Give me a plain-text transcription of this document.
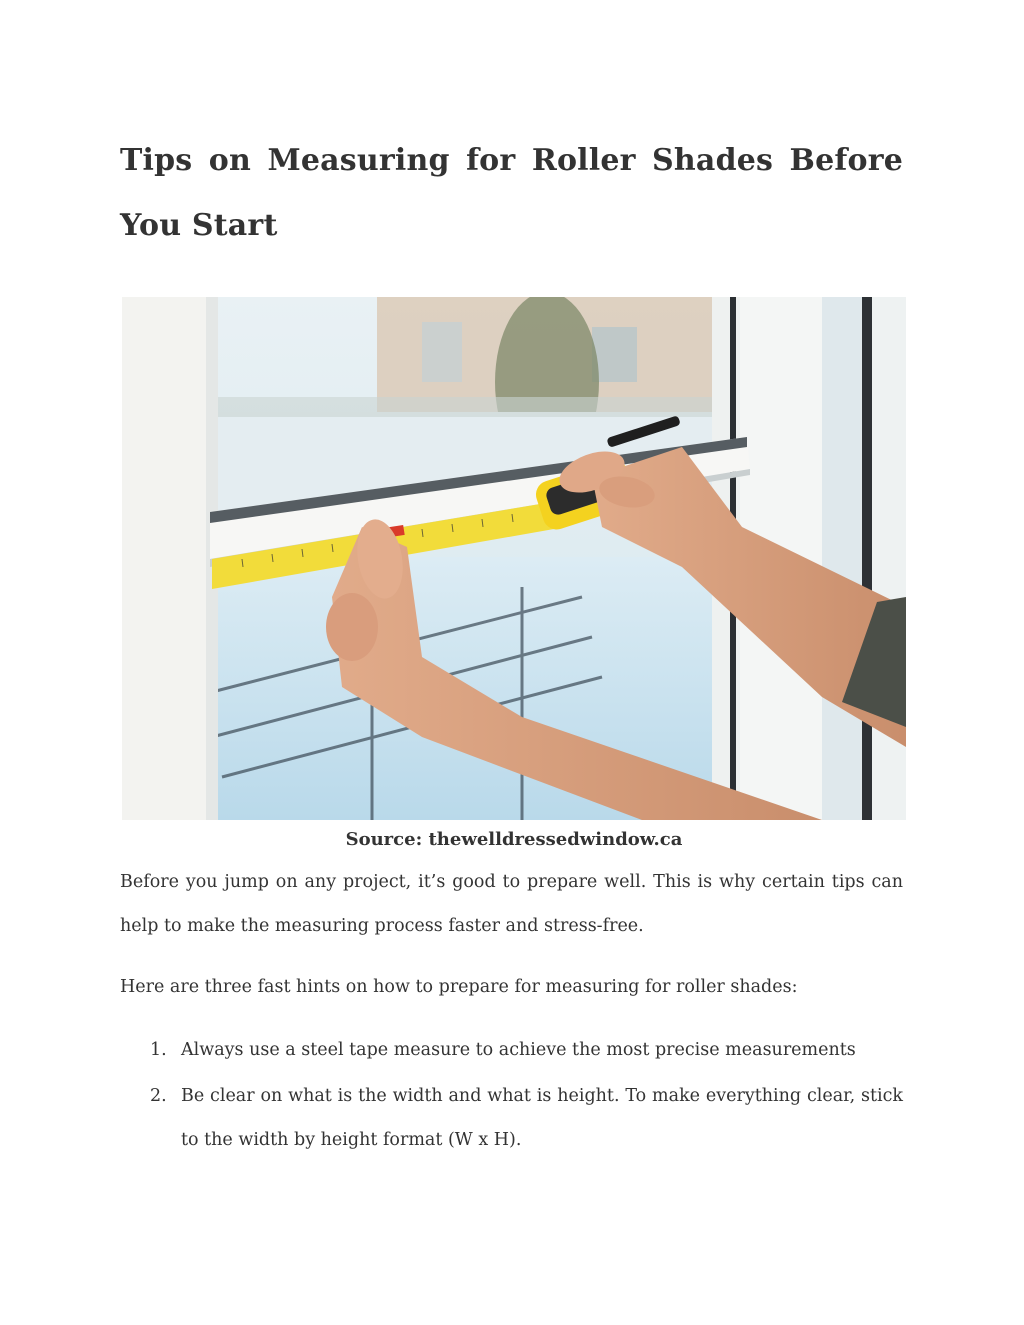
Tips on Measuring for Roller Shades Before You Start
Source: thewelldressedwindow.ca

Before you jump on any project, it’s good to prepare well. This is why certain tips can help to make the measuring process faster and stress-free.

Here are three fast hints on how to prepare for measuring for roller shades:

1. Always use a steel tape measure to achieve the most precise measurements
2. Be clear on what is the width and what is height. To make everything clear, stick to the width by height format (W x H).
